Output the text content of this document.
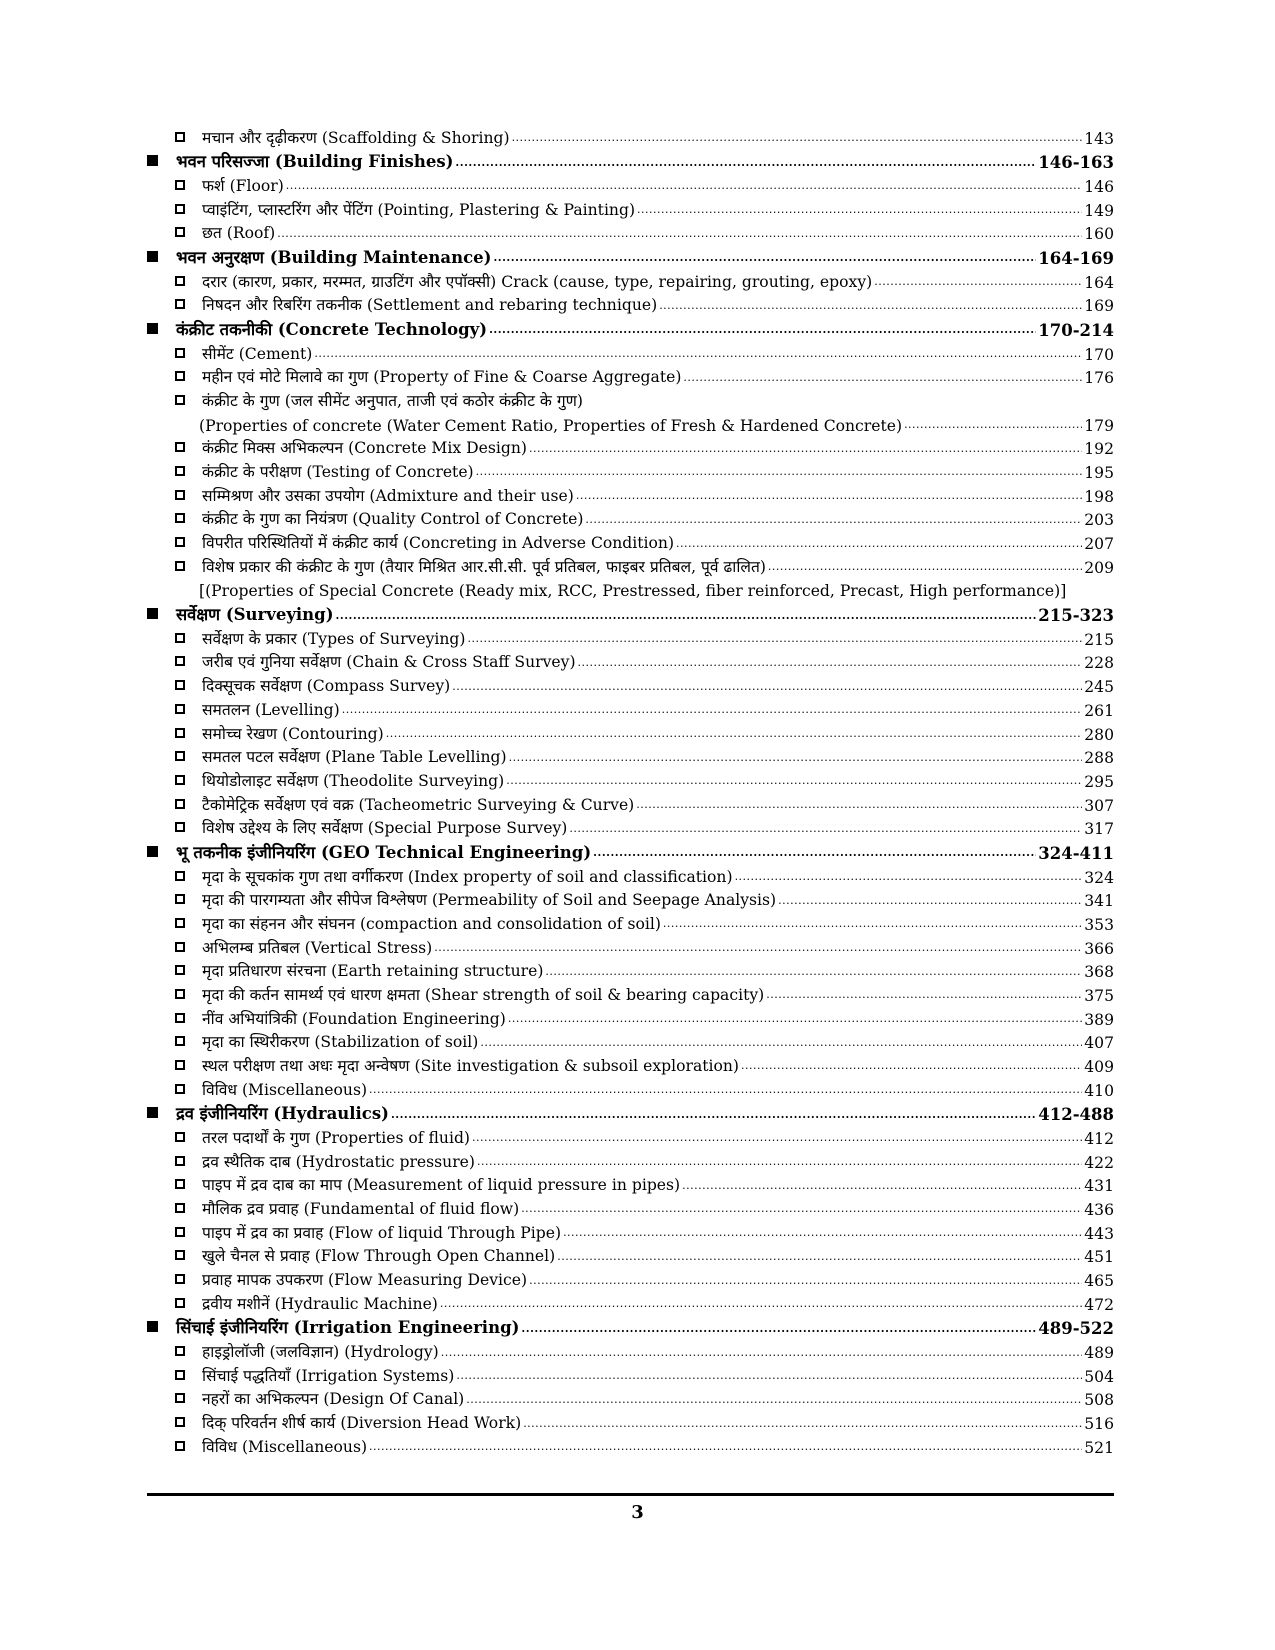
मचान और दृढ़ीकरण (Scaffolding & Shoring) .....	143
भवन परिसज्जा (Building Finishes) .....	146-163
फर्श (Floor) .....	146
प्वाइंटिंग, प्लास्टरिंग और पेंटिंग (Pointing, Plastering & Painting) .....	149
छत (Roof) .....	160
भवन अनुरक्षण (Building Maintenance) .....	164-169
दरार (कारण, प्रकार, मरम्मत, ग्राउटिंग और एपॉक्सी) Crack (cause, type, repairing, grouting, epoxy) .....	164
निषदन और रिबरिंग तकनीक (Settlement and rebaring technique) .....	169
कंक्रीट तकनीकी (Concrete Technology) .....	170-214
सीमेंट (Cement) .....	170
महीन एवं मोटे मिलावे का गुण (Property of Fine & Coarse Aggregate) .....	176
कंक्रीट के गुण (जल सीमेंट अनुपात, ताजी एवं कठोर कंक्रीट के गुण)
(Properties of concrete (Water Cement Ratio, Properties of Fresh & Hardened Concrete) .....	179
कंक्रीट मिक्स अभिकल्पन (Concrete Mix Design) .....	192
कंक्रीट के परीक्षण (Testing of Concrete) .....	195
सम्मिश्रण और उसका उपयोग (Admixture and their use) .....	198
कंक्रीट के गुण का नियंत्रण (Quality Control of Concrete) .....	203
विपरीत परिस्थितियों में कंक्रीट कार्य (Concreting in Adverse Condition) .....	207
विशेष प्रकार की कंक्रीट के गुण (तैयार मिश्रित आर.सी.सी. पूर्व प्रतिबल, फाइबर प्रतिबल, पूर्व ढालित) .....	209
[(Properties of Special Concrete (Ready mix, RCC, Prestressed, fiber reinforced, Precast, High performance)]
सर्वेक्षण (Surveying) .....	215-323
सर्वेक्षण के प्रकार (Types of Surveying) .....	215
जरीब एवं गुनिया सर्वेक्षण (Chain & Cross Staff Survey) .....	228
दिक्सूचक सर्वेक्षण (Compass Survey) .....	245
समतलन (Levelling) .....	261
समोच्च रेखण (Contouring) .....	280
समतल पटल सर्वेक्षण (Plane Table Levelling) .....	288
थियोडोलाइट सर्वेक्षण (Theodolite Surveying) .....	295
टैकोमेट्रिक सर्वेक्षण एवं वक्र (Tacheometric Surveying & Curve) .....	307
विशेष उद्देश्य के लिए सर्वेक्षण (Special Purpose Survey) .....	317
भू तकनीक इंजीनियरिंग (GEO Technical Engineering) .....	324-411
मृदा के सूचकांक गुण तथा वर्गीकरण (Index property of soil and classification) .....	324
मृदा की पारगम्यता और सीपेज विश्लेषण (Permeability of Soil and Seepage Analysis) .....	341
मृदा का संहनन और संघनन (compaction and consolidation of soil) .....	353
अभिलम्ब प्रतिबल (Vertical Stress) .....	366
मृदा प्रतिधारण संरचना (Earth retaining structure) .....	368
मृदा की कर्तन सामर्थ्य एवं धारण क्षमता (Shear strength of soil & bearing capacity) .....	375
नींव अभियांत्रिकी (Foundation Engineering) .....	389
मृदा का स्थिरीकरण (Stabilization of soil) .....	407
स्थल परीक्षण तथा अधः मृदा अन्वेषण (Site investigation & subsoil exploration) .....	409
विविध (Miscellaneous) .....	410
द्रव इंजीनियरिंग (Hydraulics) .....	412-488
तरल पदार्थों के गुण (Properties of fluid) .....	412
द्रव स्थैतिक दाब (Hydrostatic pressure) .....	422
पाइप में द्रव दाब का माप (Measurement of liquid pressure in pipes) .....	431
मौलिक द्रव प्रवाह (Fundamental of fluid flow) .....	436
पाइप में द्रव का प्रवाह (Flow of liquid Through Pipe) .....	443
खुले चैनल से प्रवाह (Flow Through Open Channel) .....	451
प्रवाह मापक उपकरण (Flow Measuring Device) .....	465
द्रवीय मशीनें (Hydraulic Machine) .....	472
सिंचाई इंजीनियरिंग (Irrigation Engineering) .....	489-522
हाइड्रोलॉजी (जलविज्ञान) (Hydrology) .....	489
सिंचाई पद्धतियाँ (Irrigation Systems) .....	504
नहरों का अभिकल्पन (Design Of Canal) .....	508
दिक् परिवर्तन शीर्ष कार्य (Diversion Head Work) .....	516
विविध (Miscellaneous) .....	521
3
